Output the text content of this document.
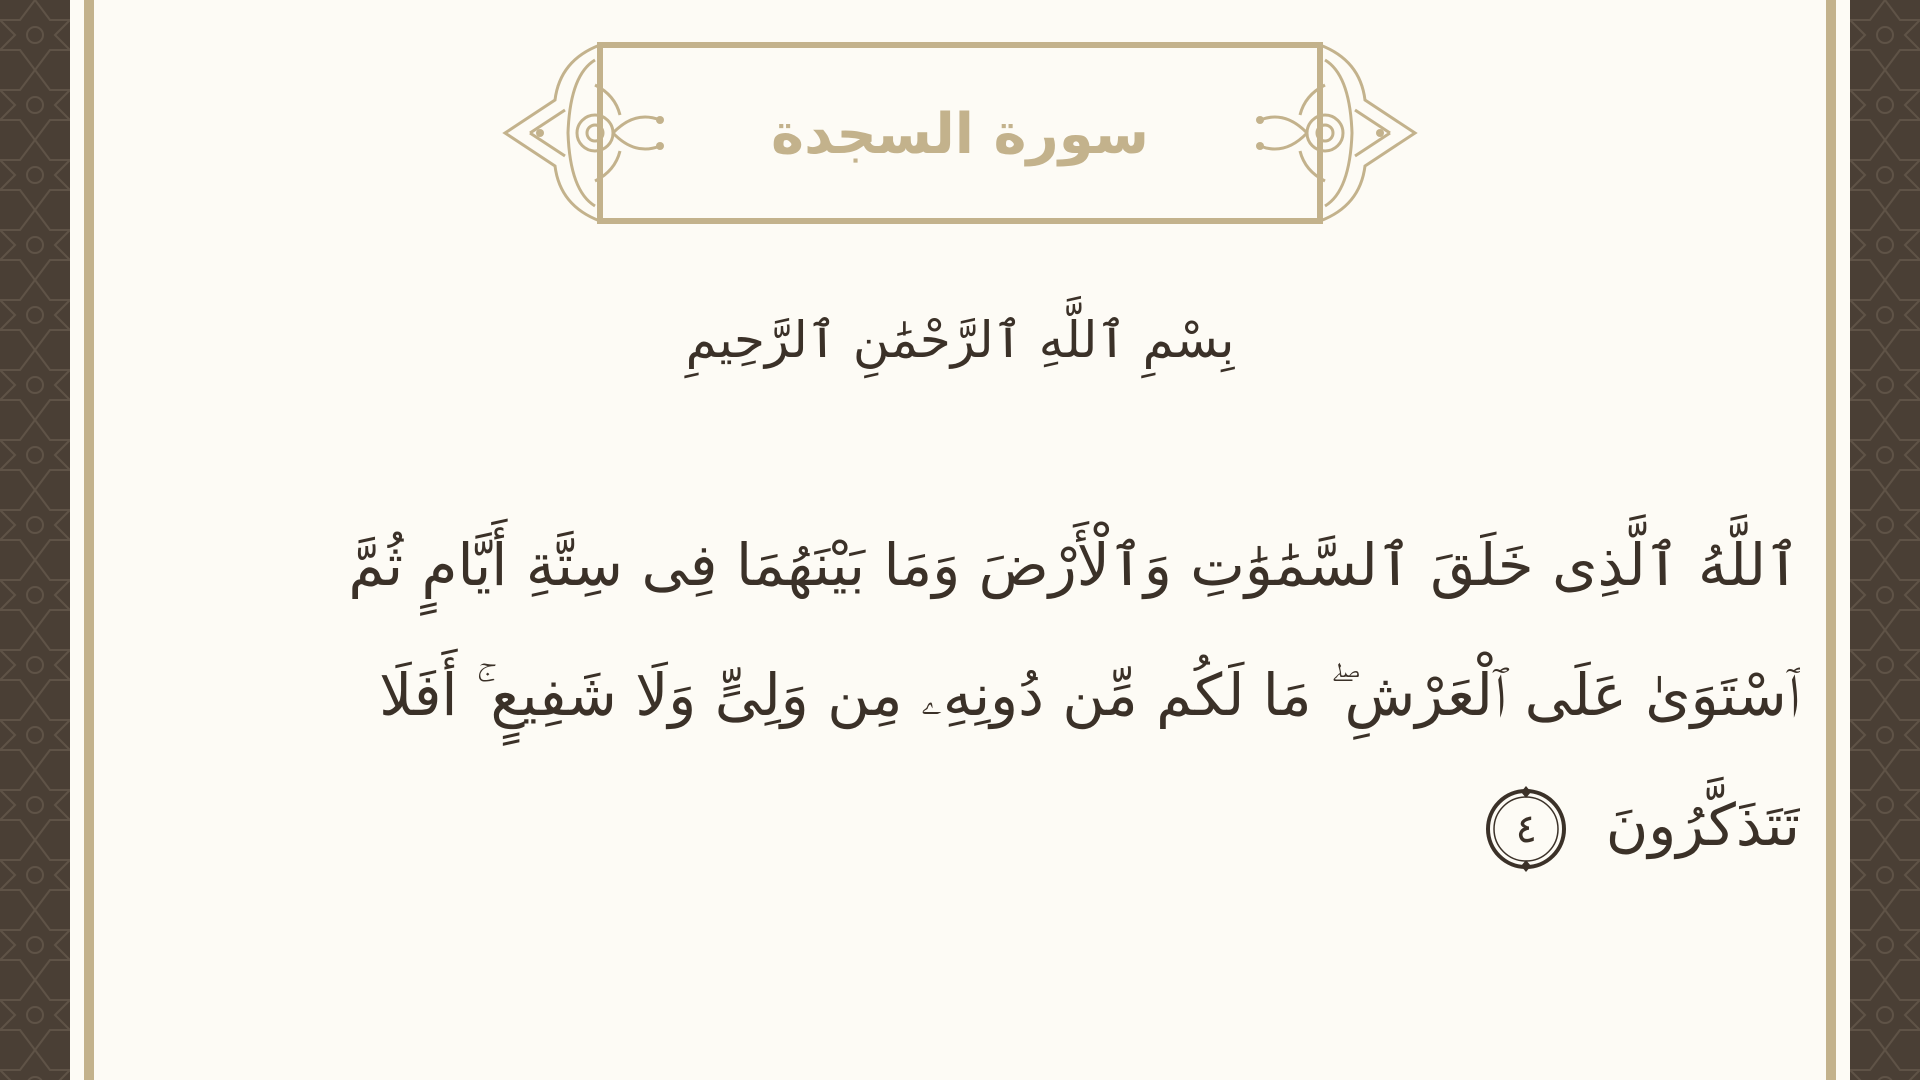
سورة السجدة
بِسْمِ ٱللَّهِ ٱلرَّحْمَٰنِ ٱلرَّحِيمِ
ٱللَّهُ ٱلَّذِى خَلَقَ ٱلسَّمَٰوَٰتِ وَٱلْأَرْضَ وَمَا بَيْنَهُمَا فِى سِتَّةِ أَيَّامٍ ثُمَّ
ٱسْتَوَىٰ عَلَى ٱلْعَرْشِ ۖ مَا لَكُم مِّن دُونِهِۦ مِن وَلِىٍّ وَلَا شَفِيعٍ ۚ أَفَلَا
تَتَذَكَّرُونَ
٤
